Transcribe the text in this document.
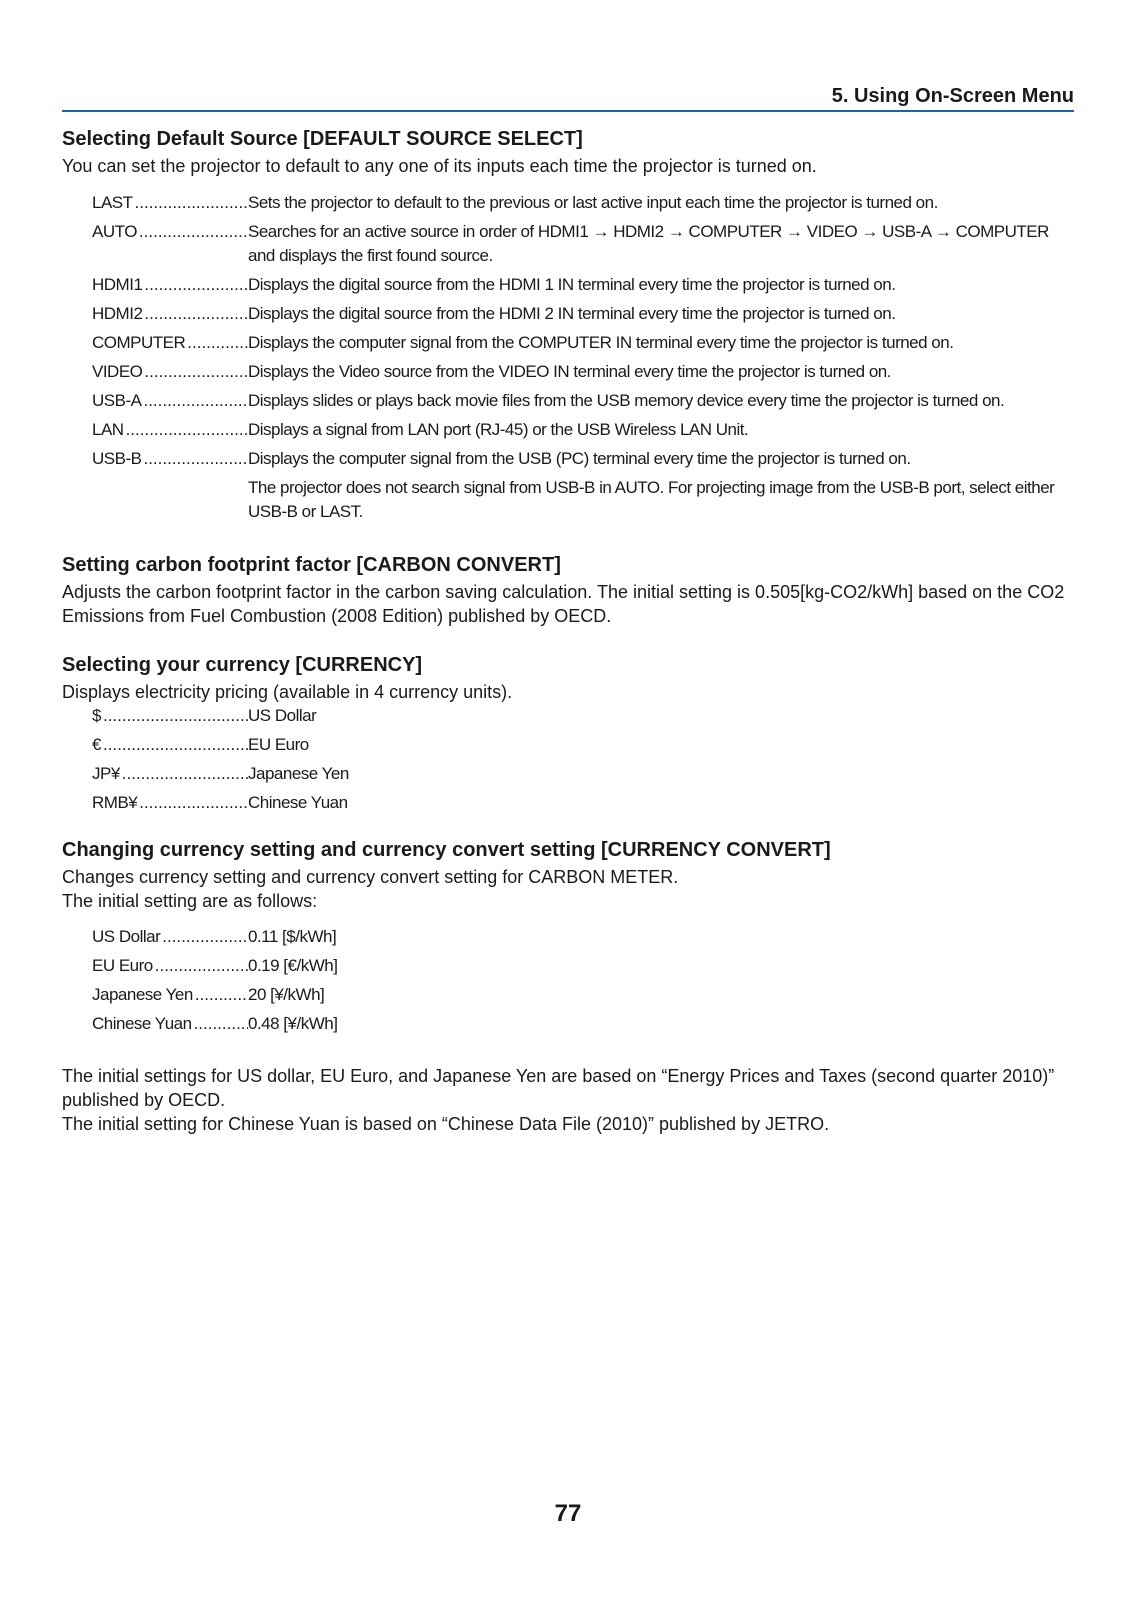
5. Using On-Screen Menu
Selecting Default Source [DEFAULT SOURCE SELECT]

You can set the projector to default to any one of its inputs each time the projector is turned on.

LAST .....	Sets the projector to default to the previous or last active input each time the projector is turned on.
AUTO .....	Searches for an active source in order of HDMI1 → HDMI2 → COMPUTER → VIDEO → USB-A → COMPUTER and displays the first found source.
HDMI1 .....	Displays the digital source from the HDMI 1 IN terminal every time the projector is turned on.
HDMI2 .....	Displays the digital source from the HDMI 2 IN terminal every time the projector is turned on.
COMPUTER .....	Displays the computer signal from the COMPUTER IN terminal every time the projector is turned on.
VIDEO .....	Displays the Video source from the VIDEO IN terminal every time the projector is turned on.
USB-A .....	Displays slides or plays back movie files from the USB memory device every time the projector is turned on.
LAN .....	Displays a signal from LAN port (RJ-45) or the USB Wireless LAN Unit.
USB-B .....	Displays the computer signal from the USB (PC) terminal every time the projector is turned on.

The projector does not search signal from USB-B in AUTO. For projecting image from the USB-B port, select either USB-B or LAST.

Setting carbon footprint factor [CARBON CONVERT]

Adjusts the carbon footprint factor in the carbon saving calculation. The initial setting is 0.505[kg-CO2/kWh] based on the CO2 Emissions from Fuel Combustion (2008 Edition) published by OECD.

Selecting your currency [CURRENCY]

Displays electricity pricing (available in 4 currency units).

$ .....	US Dollar
€ .....	EU Euro
JP¥ .....	Japanese Yen
RMB¥ .....	Chinese Yuan
Changing currency setting and currency convert setting [CURRENCY CONVERT]

Changes currency setting and currency convert setting for CARBON METER.

The initial setting are as follows:

US Dollar .....	0.11 [$/kWh]
EU Euro .....	0.19 [€/kWh]
Japanese Yen .....	20 [¥/kWh]
Chinese Yuan .....	0.48 [¥/kWh]

The initial settings for US dollar, EU Euro, and Japanese Yen are based on “Energy Prices and Taxes (second quarter 2010)” published by OECD.

The initial setting for Chinese Yuan is based on “Chinese Data File (2010)” published by JETRO.

77
